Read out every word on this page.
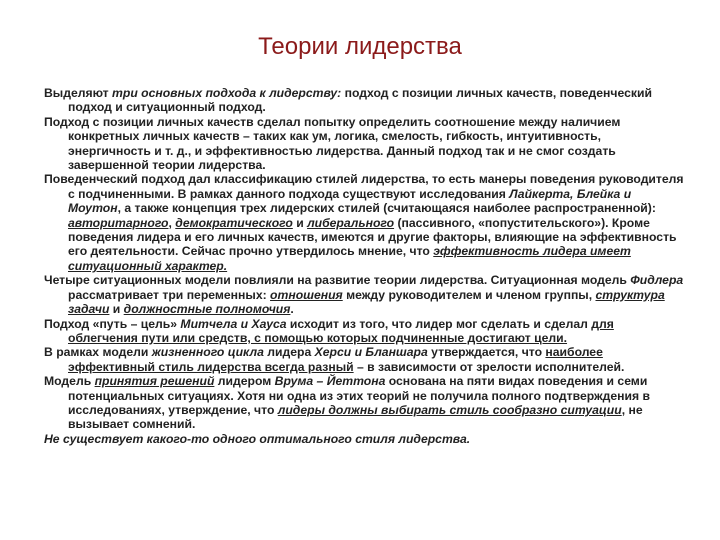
Теории лидерства

Выделяют три основных подхода к лидерству: подход с позиции личных качеств, поведенческий подход и ситуационный подход.

Подход с позиции личных качеств сделал попытку определить соотношение между наличием конкретных личных качеств – таких как ум, логика, смелость, гибкость, интуитивность, энергичность и т. д., и эффективностью лидерства. Данный подход так и не смог создать завершенной теории лидерства.

Поведенческий подход дал классификацию стилей лидерства, то есть манеры поведения руководителя с подчиненными. В рамках данного подхода существуют исследования Лайкерта, Блейка и Моутон, а также концепция трех лидерских стилей (считающаяся наиболее распространенной): авторитарного, демократического и либерального (пассивного, «попустительского»). Кроме поведения лидера и его личных качеств, имеются и другие факторы, влияющие на эффективность его деятельности. Сейчас прочно утвердилось мнение, что эффективность лидера имеет ситуационный характер.

Четыре ситуационных модели повлияли на развитие теории лидерства. Ситуационная модель Фидлера рассматривает три переменных: отношения между руководителем и членом группы, структура задачи и должностные полномочия.

Подход «путь – цель» Митчела и Хауса исходит из того, что лидер мог сделать и сделал для облегчения пути или средств, с помощью которых подчиненные достигают цели.

В рамках модели жизненного цикла лидера Херси и Бланшара утверждается, что наиболее эффективный стиль лидерства всегда разный – в зависимости от зрелости исполнителей.

Модель принятия решений лидером Врума – Йеттона основана на пяти видах поведения и семи потенциальных ситуациях. Хотя ни одна из этих теорий не получила полного подтверждения в исследованиях, утверждение, что лидеры должны выбирать стиль сообразно ситуации, не вызывает сомнений.

Не существует какого-то одного оптимального стиля лидерства.
